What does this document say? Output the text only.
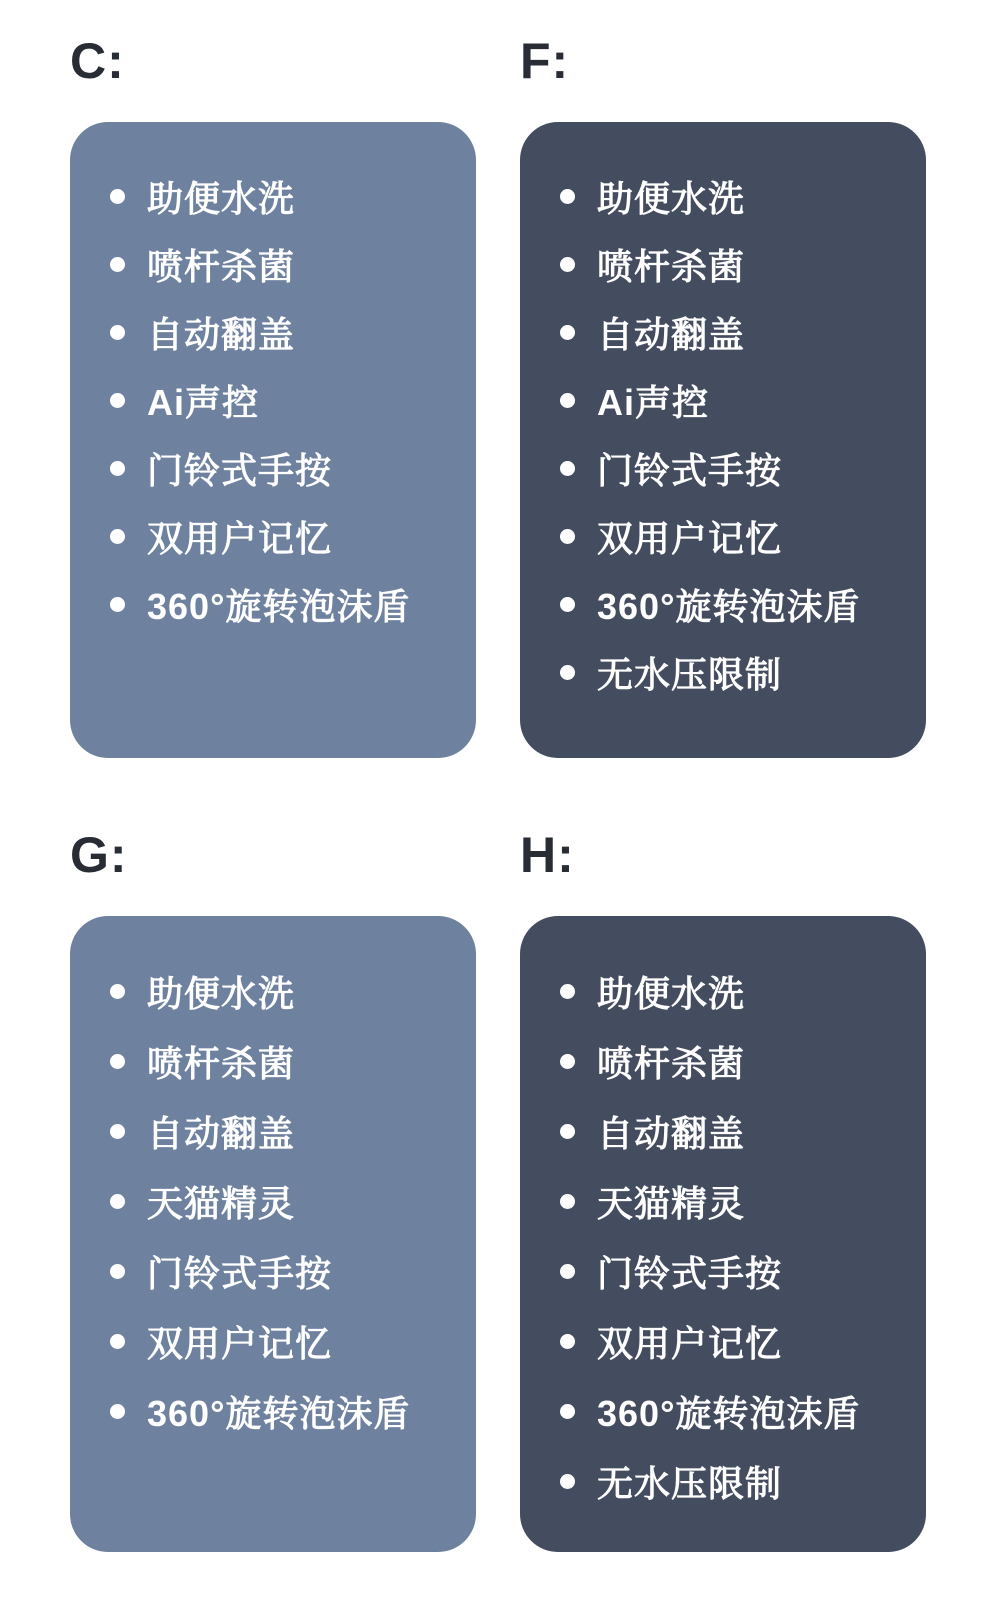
C:
助便水洗
喷杆杀菌
自动翻盖
Ai声控
门铃式手按
双用户记忆
360°旋转泡沫盾
F:
助便水洗
喷杆杀菌
自动翻盖
Ai声控
门铃式手按
双用户记忆
360°旋转泡沫盾
无水压限制
G:
助便水洗
喷杆杀菌
自动翻盖
天猫精灵
门铃式手按
双用户记忆
360°旋转泡沫盾
H:
助便水洗
喷杆杀菌
自动翻盖
天猫精灵
门铃式手按
双用户记忆
360°旋转泡沫盾
无水压限制
